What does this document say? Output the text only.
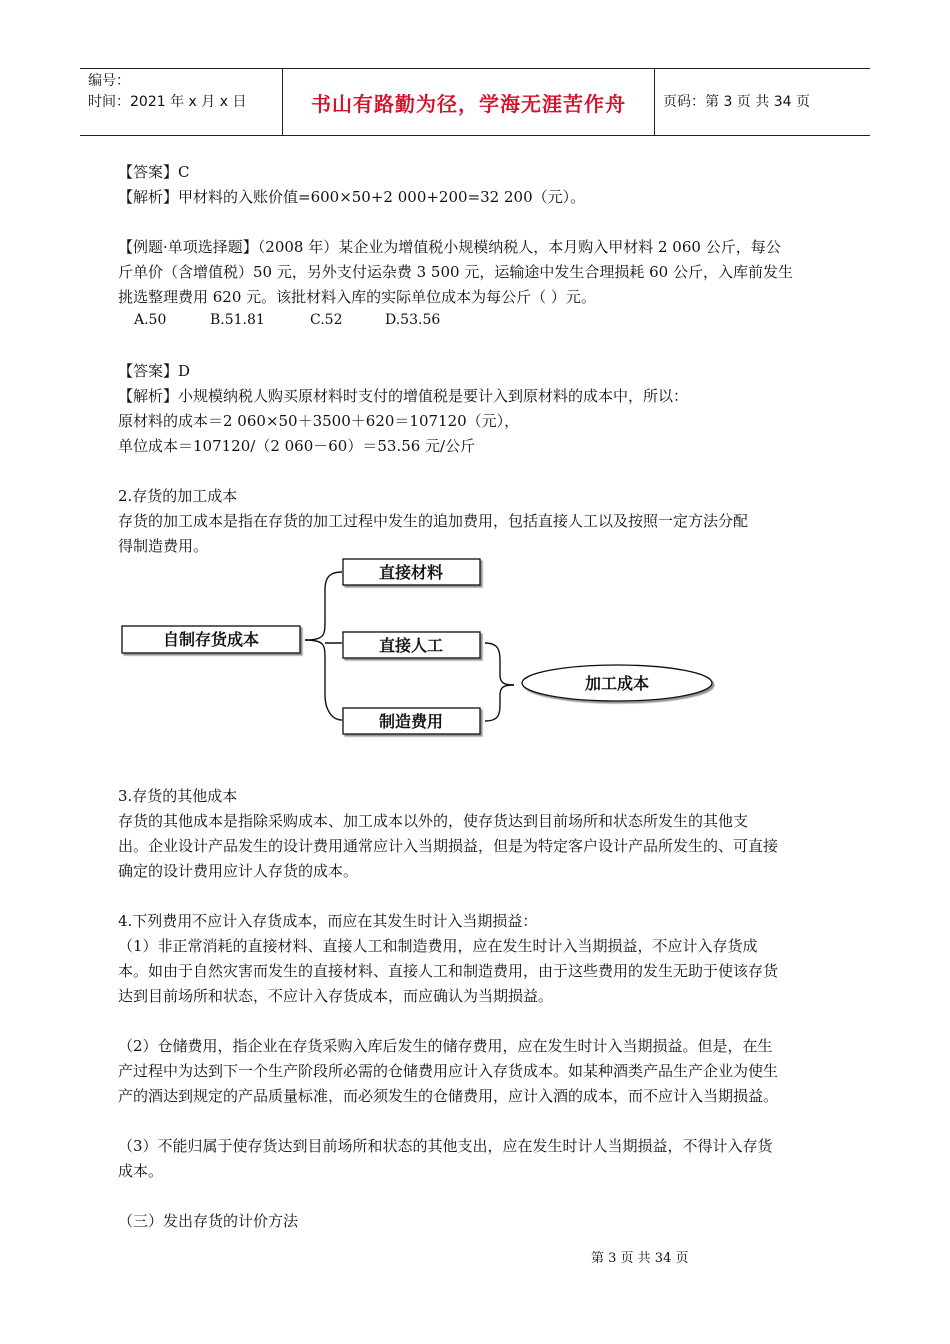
编号：
时间：2021 年 x 月 x 日	书山有路勤为径，学海无涯苦作舟	页码：第 3 页 共 34 页
【答案】C
【解析】甲材料的入账价值=600×50+2 000+200=32 200（元）。
【例题·单项选择题】（2008 年）某企业为增值税小规模纳税人，本月购入甲材料 2 060 公斤，每公
斤单价（含增值税）50 元，另外支付运杂费 3 500 元，运输途中发生合理损耗 60 公斤，入库前发生
挑选整理费用 620 元。该批材料入库的实际单位成本为每公斤（ ）元。
A.50	B.51.81	C.52	D.53.56
【答案】D
【解析】小规模纳税人购买原材料时支付的增值税是要计入到原材料的成本中，所以：
原材料的成本＝2 060×50＋3500＋620＝107120（元），
单位成本＝107120/（2 060－60）＝53.56 元/公斤
2.存货的加工成本
存货的加工成本是指在存货的加工过程中发生的追加费用，包括直接人工以及按照一定方法分配
得制造费用。
自制存货成本
直接材料
直接人工
制造费用
加工成本
3.存货的其他成本
存货的其他成本是指除采购成本、加工成本以外的，使存货达到目前场所和状态所发生的其他支
出。企业设计产品发生的设计费用通常应计入当期损益，但是为特定客户设计产品所发生的、可直接
确定的设计费用应计人存货的成本。
4.下列费用不应计入存货成本，而应在其发生时计入当期损益：
（1）非正常消耗的直接材料、直接人工和制造费用，应在发生时计入当期损益，不应计入存货成
本。如由于自然灾害而发生的直接材料、直接人工和制造费用，由于这些费用的发生无助于使该存货
达到目前场所和状态，不应计入存货成本，而应确认为当期损益。
（2）仓储费用，指企业在存货采购入库后发生的储存费用，应在发生时计入当期损益。但是，在生
产过程中为达到下一个生产阶段所必需的仓储费用应计入存货成本。如某种酒类产品生产企业为使生
产的酒达到规定的产品质量标准，而必须发生的仓储费用，应计入酒的成本，而不应计入当期损益。
（3）不能归属于使存货达到目前场所和状态的其他支出，应在发生时计人当期损益，不得计入存货
成本。
（三）发出存货的计价方法
第 3 页 共 34 页
